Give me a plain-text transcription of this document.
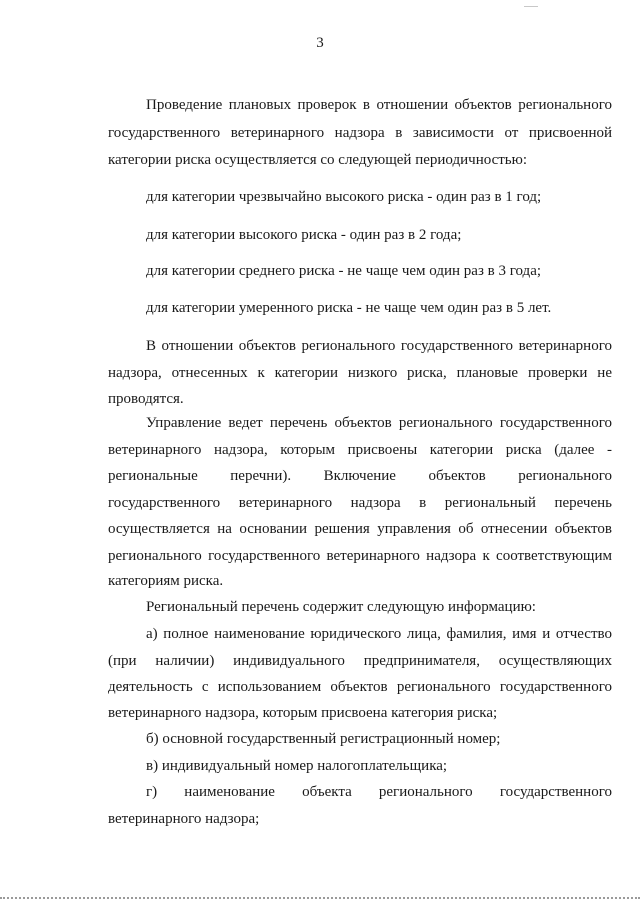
3
Проведение плановых проверок в отношении объектов регионального
государственного ветеринарного надзора в зависимости от присвоенной
категории риска осуществляется со следующей периодичностью:
для категории чрезвычайно высокого риска - один раз в 1 год;
для категории высокого риска - один раз в 2 года;
для категории среднего риска - не чаще чем один раз в 3 года;
для категории умеренного риска - не чаще чем один раз в 5 лет.
В отношении объектов регионального государственного ветеринарного
надзора, отнесенных к категории низкого риска, плановые проверки не
проводятся.
Управление ведет перечень объектов регионального государственного
ветеринарного надзора, которым присвоены категории риска (далее -
региональные перечни). Включение объектов регионального
государственного ветеринарного надзора в региональный перечень
осуществляется на основании решения управления об отнесении объектов
регионального государственного ветеринарного надзора к соответствующим
категориям риска.
Региональный перечень содержит следующую информацию:
а) полное наименование юридического лица, фамилия, имя и отчество
(при наличии) индивидуального предпринимателя, осуществляющих
деятельность с использованием объектов регионального государственного
ветеринарного надзора, которым присвоена категория риска;
б) основной государственный регистрационный номер;
в) индивидуальный номер налогоплательщика;
г) наименование объекта регионального государственного
ветеринарного надзора;
